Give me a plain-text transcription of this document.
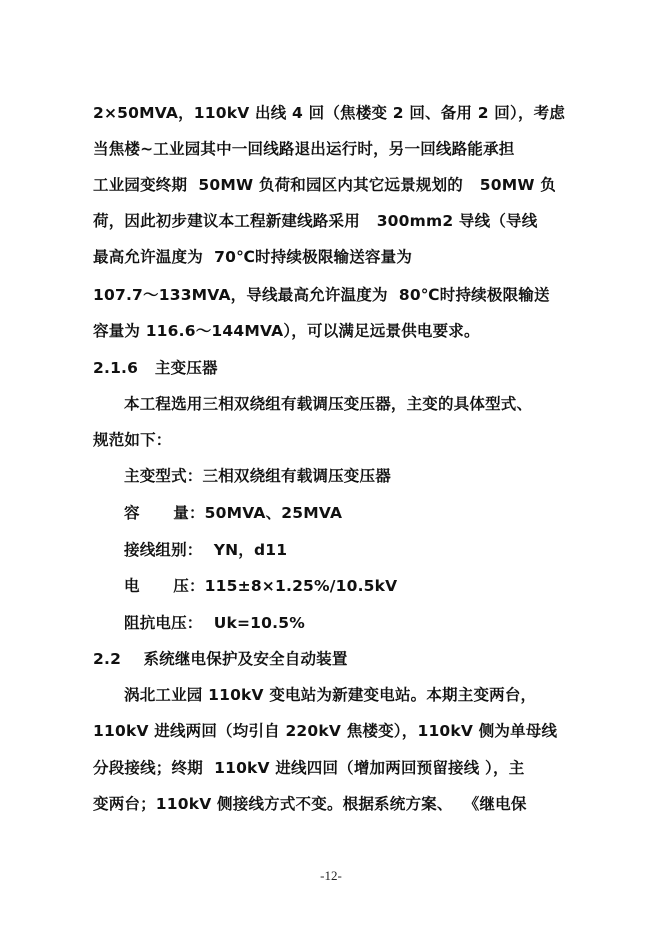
2×50MVA，110kV 出线 4 回（焦楼变 2 回、备用 2 回），考虑
当焦楼~工业园其中一回线路退出运行时，另一回线路能承担
工业园变终期  50MW 负荷和园区内其它远景规划的   50MW 负
荷，因此初步建议本工程新建线路采用   300mm2 导线（导线
最高允许温度为  70℃时持续极限输送容量为
107.7～133MVA，导线最高允许温度为  80℃时持续极限输送
容量为 116.6～144MVA），可以满足远景供电要求。
2.1.6   主变压器
本工程选用三相双绕组有载调压变压器，主变的具体型式、
规范如下：
主变型式：三相双绕组有载调压变压器
容      量：50MVA、25MVA
接线组别：  YN，d11
电      压：115±8×1.25%/10.5kV
阻抗电压：  Uk=10.5%
2.2    系统继电保护及安全自动装置
涡北工业园 110kV 变电站为新建变电站。本期主变两台，
110kV 进线两回（均引自 220kV 焦楼变），110kV 侧为单母线
分段接线；终期  110kV 进线四回（增加两回预留接线 ），主
变两台；110kV 侧接线方式不变。根据系统方案、  《继电保
-12-
